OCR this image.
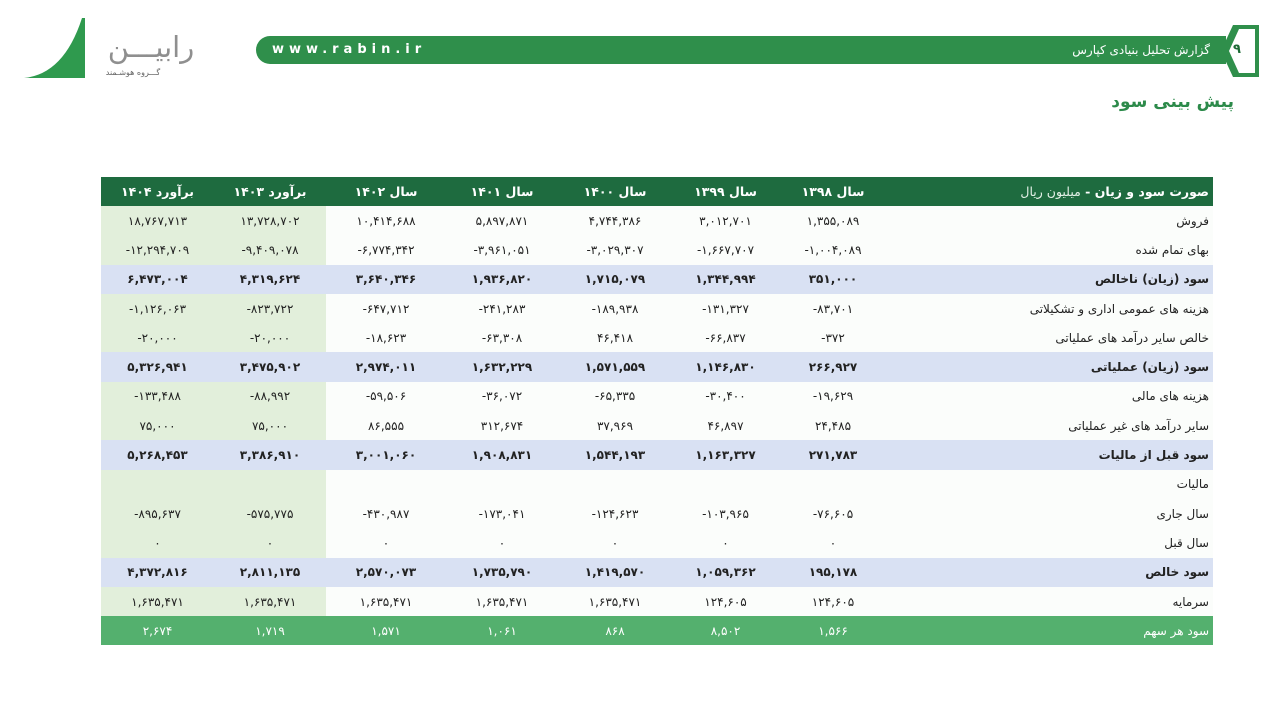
رابیـــن
گـــروه هوشـمند
www.rabin.ir	گزارش تحلیل بنیادی کپارس	۹
پیش بینی سود
صورت سود و زیان - میلیون ریال	سال ۱۳۹۸	سال ۱۳۹۹	سال ۱۴۰۰	سال ۱۴۰۱	سال ۱۴۰۲	برآورد ۱۴۰۳	برآورد ۱۴۰۴
فروش	۱,۳۵۵,۰۸۹	۳,۰۱۲,۷۰۱	۴,۷۴۴,۳۸۶	۵,۸۹۷,۸۷۱	۱۰,۴۱۴,۶۸۸	۱۳,۷۲۸,۷۰۲	۱۸,۷۶۷,۷۱۳
بهای تمام شده	-۱,۰۰۴,۰۸۹	-۱,۶۶۷,۷۰۷	-۳,۰۲۹,۳۰۷	-۳,۹۶۱,۰۵۱	-۶,۷۷۴,۳۴۲	-۹,۴۰۹,۰۷۸	-۱۲,۲۹۴,۷۰۹
سود (زیان) ناخالص	۳۵۱,۰۰۰	۱,۳۴۴,۹۹۴	۱,۷۱۵,۰۷۹	۱,۹۳۶,۸۲۰	۳,۶۴۰,۳۴۶	۴,۳۱۹,۶۲۴	۶,۴۷۳,۰۰۴
هزینه های عمومی اداری و تشکیلاتی	-۸۳,۷۰۱	-۱۳۱,۳۲۷	-۱۸۹,۹۳۸	-۲۴۱,۲۸۳	-۶۴۷,۷۱۲	-۸۲۳,۷۲۲	-۱,۱۲۶,۰۶۳
خالص سایر درآمد های عملیاتی	-۳۷۲	-۶۶,۸۳۷	۴۶,۴۱۸	-۶۳,۳۰۸	-۱۸,۶۲۳	-۲۰,۰۰۰	-۲۰,۰۰۰
سود (زیان) عملیاتی	۲۶۶,۹۲۷	۱,۱۴۶,۸۳۰	۱,۵۷۱,۵۵۹	۱,۶۳۲,۲۲۹	۲,۹۷۴,۰۱۱	۳,۴۷۵,۹۰۲	۵,۳۲۶,۹۴۱
هزینه های مالی	-۱۹,۶۲۹	-۳۰,۴۰۰	-۶۵,۳۳۵	-۳۶,۰۷۲	-۵۹,۵۰۶	-۸۸,۹۹۲	-۱۳۳,۴۸۸
سایر درآمد های غیر عملیاتی	۲۴,۴۸۵	۴۶,۸۹۷	۳۷,۹۶۹	۳۱۲,۶۷۴	۸۶,۵۵۵	۷۵,۰۰۰	۷۵,۰۰۰
سود قبل از مالیات	۲۷۱,۷۸۳	۱,۱۶۳,۳۲۷	۱,۵۴۴,۱۹۳	۱,۹۰۸,۸۳۱	۳,۰۰۱,۰۶۰	۳,۳۸۶,۹۱۰	۵,۲۶۸,۴۵۳
مالیات							
سال جاری	-۷۶,۶۰۵	-۱۰۳,۹۶۵	-۱۲۴,۶۲۳	-۱۷۳,۰۴۱	-۴۳۰,۹۸۷	-۵۷۵,۷۷۵	-۸۹۵,۶۳۷
سال قبل	۰	۰	۰	۰	۰	۰	۰
سود خالص	۱۹۵,۱۷۸	۱,۰۵۹,۳۶۲	۱,۴۱۹,۵۷۰	۱,۷۳۵,۷۹۰	۲,۵۷۰,۰۷۳	۲,۸۱۱,۱۳۵	۴,۳۷۲,۸۱۶
سرمایه	۱۲۴,۶۰۵	۱۲۴,۶۰۵	۱,۶۳۵,۴۷۱	۱,۶۳۵,۴۷۱	۱,۶۳۵,۴۷۱	۱,۶۳۵,۴۷۱	۱,۶۳۵,۴۷۱
سود هر سهم	۱,۵۶۶	۸,۵۰۲	۸۶۸	۱,۰۶۱	۱,۵۷۱	۱,۷۱۹	۲,۶۷۴
